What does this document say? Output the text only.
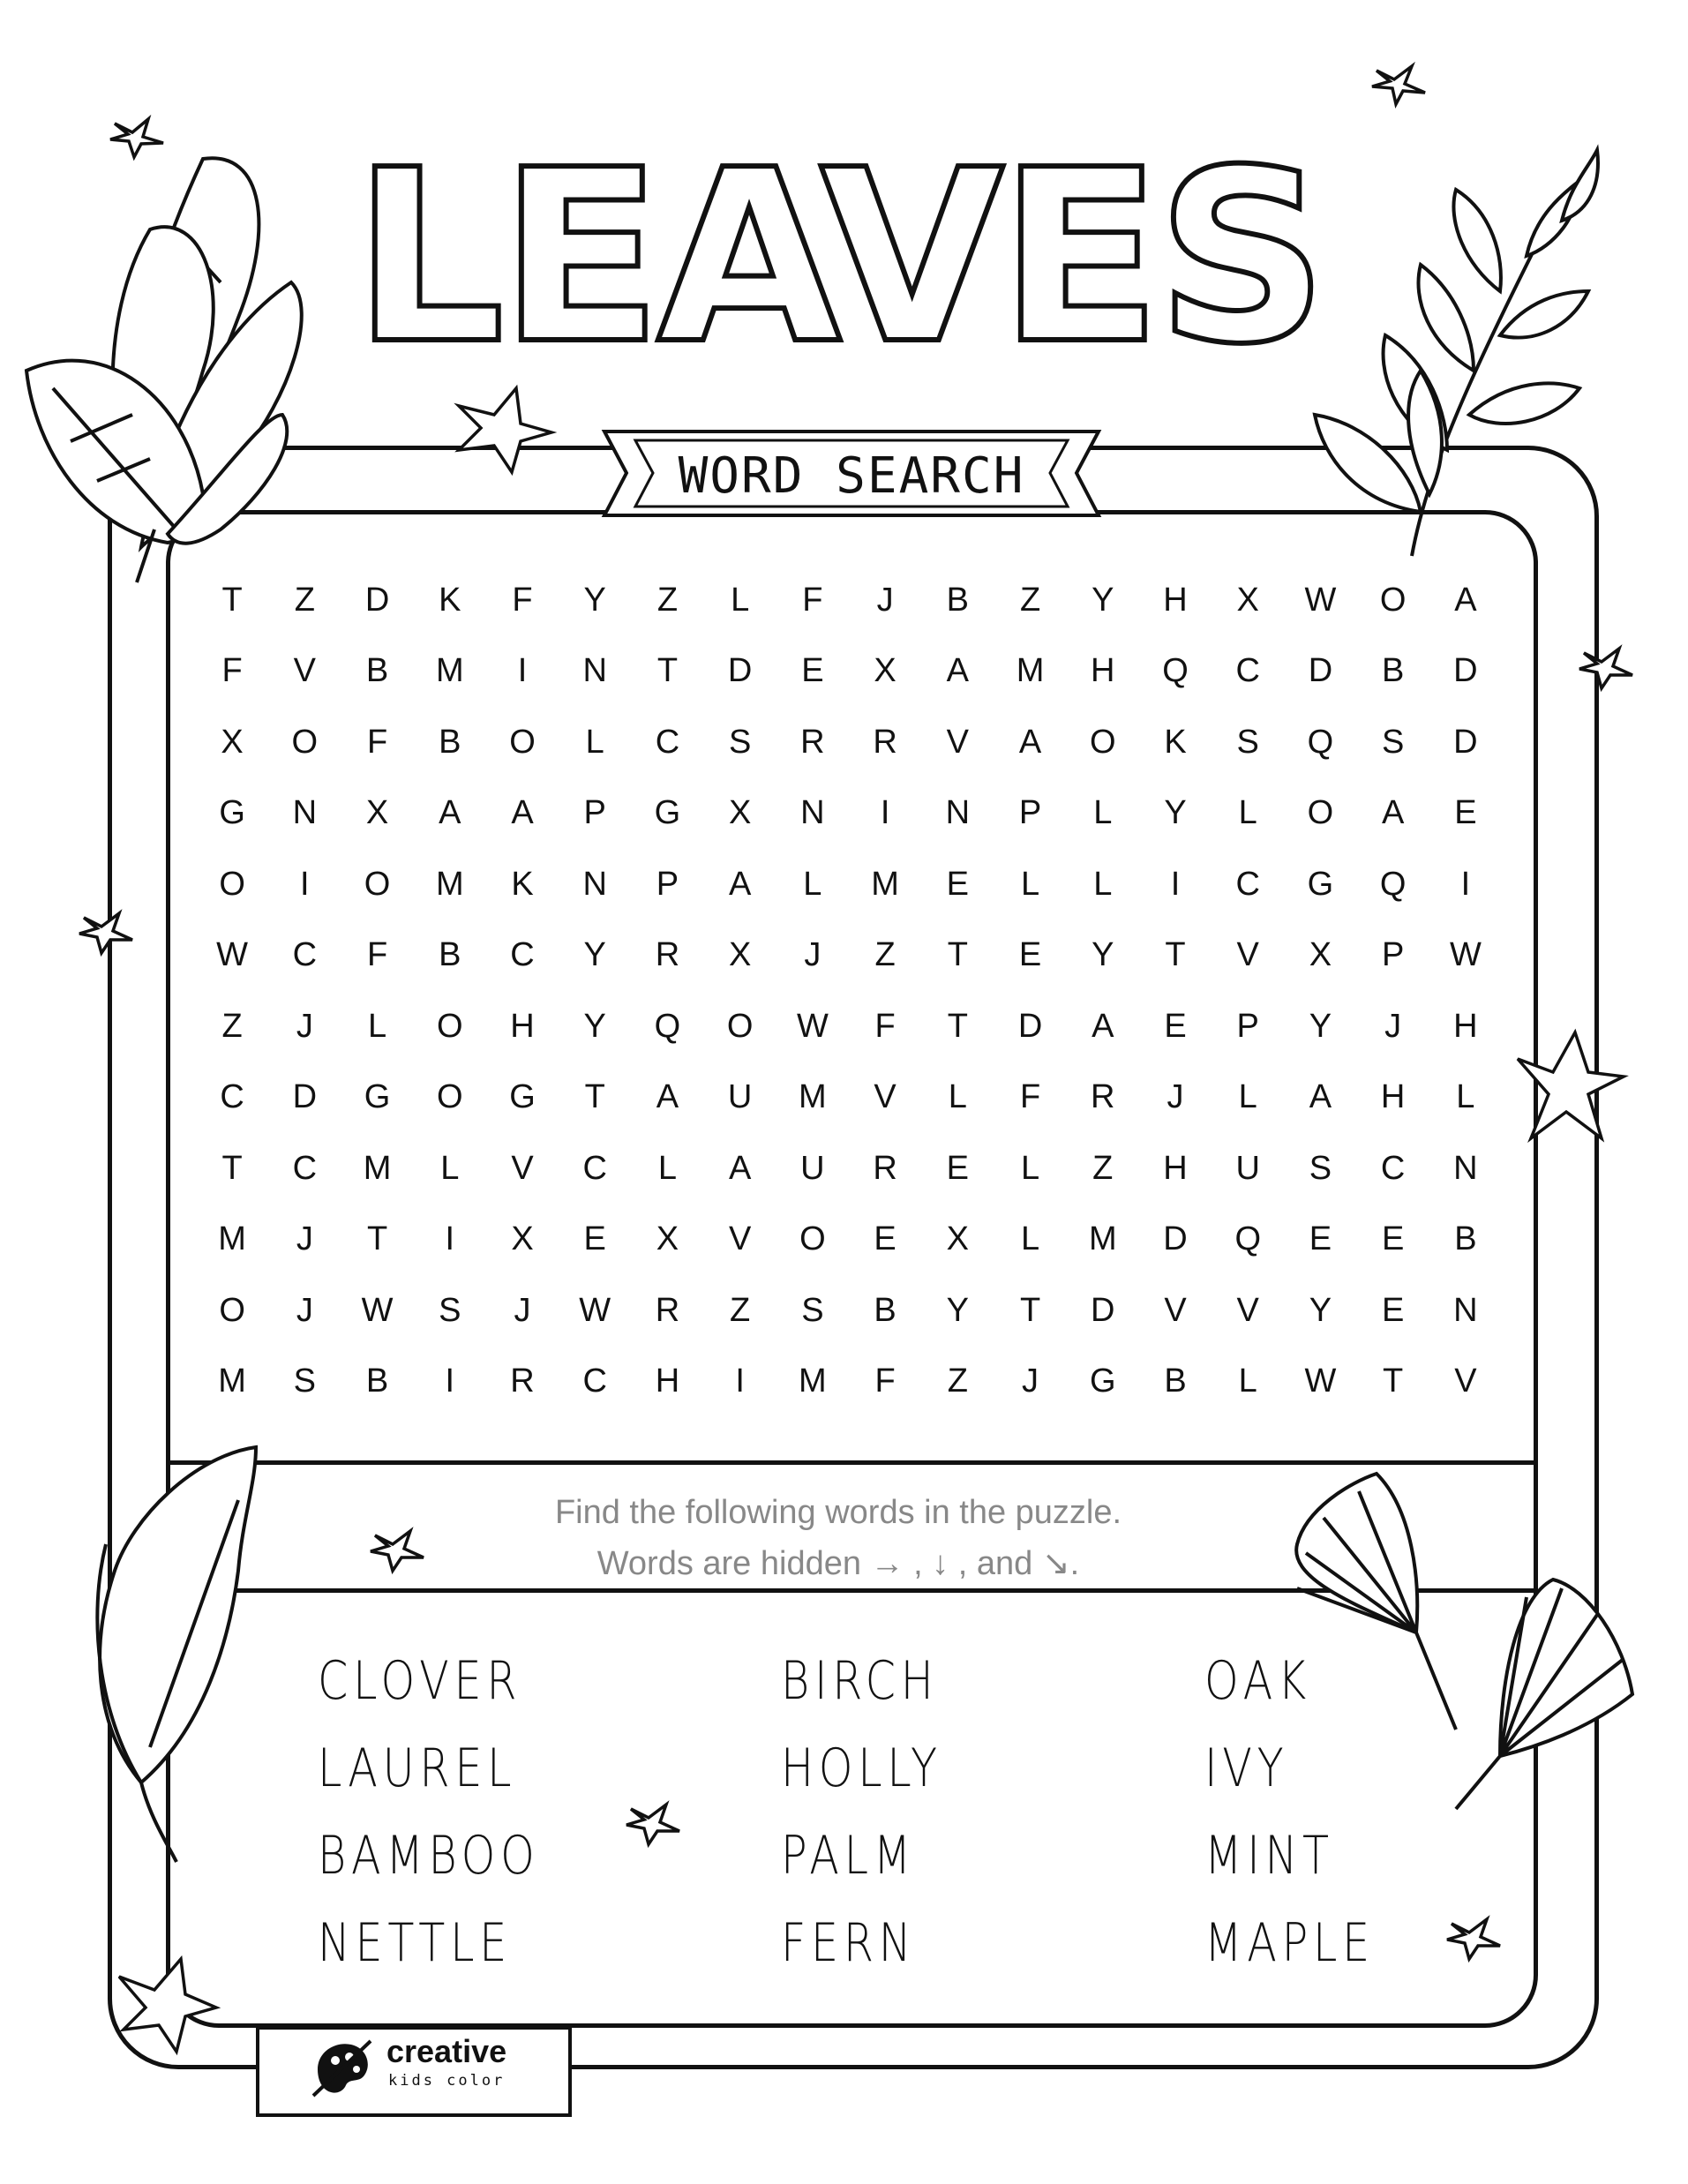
LEAVES
WORD SEARCH
T	Z	D	K	F	Y	Z	L	F	J	B	Z	Y	H	X	W	O	A
F	V	B	M	I	N	T	D	E	X	A	M	H	Q	C	D	B	D
X	O	F	B	O	L	C	S	R	R	V	A	O	K	S	Q	S	D
G	N	X	A	A	P	G	X	N	I	N	P	L	Y	L	O	A	E
O	I	O	M	K	N	P	A	L	M	E	L	L	I	C	G	Q	I
W	C	F	B	C	Y	R	X	J	Z	T	E	Y	T	V	X	P	W
Z	J	L	O	H	Y	Q	O	W	F	T	D	A	E	P	Y	J	H
C	D	G	O	G	T	A	U	M	V	L	F	R	J	L	A	H	L
T	C	M	L	V	C	L	A	U	R	E	L	Z	H	U	S	C	N
M	J	T	I	X	E	X	V	O	E	X	L	M	D	Q	E	E	B
O	J	W	S	J	W	R	Z	S	B	Y	T	D	V	V	Y	E	N
M	S	B	I	R	C	H	I	M	F	Z	J	G	B	L	W	T	V
Find the following words in the puzzle.
Words are hidden → , ↓ , and ↘.
CLOVER	BIRCH	OAK
LAUREL	HOLLY	IVY
BAMBOO	PALM	MINT
NETTLE	FERN	MAPLE
creative
kids color
